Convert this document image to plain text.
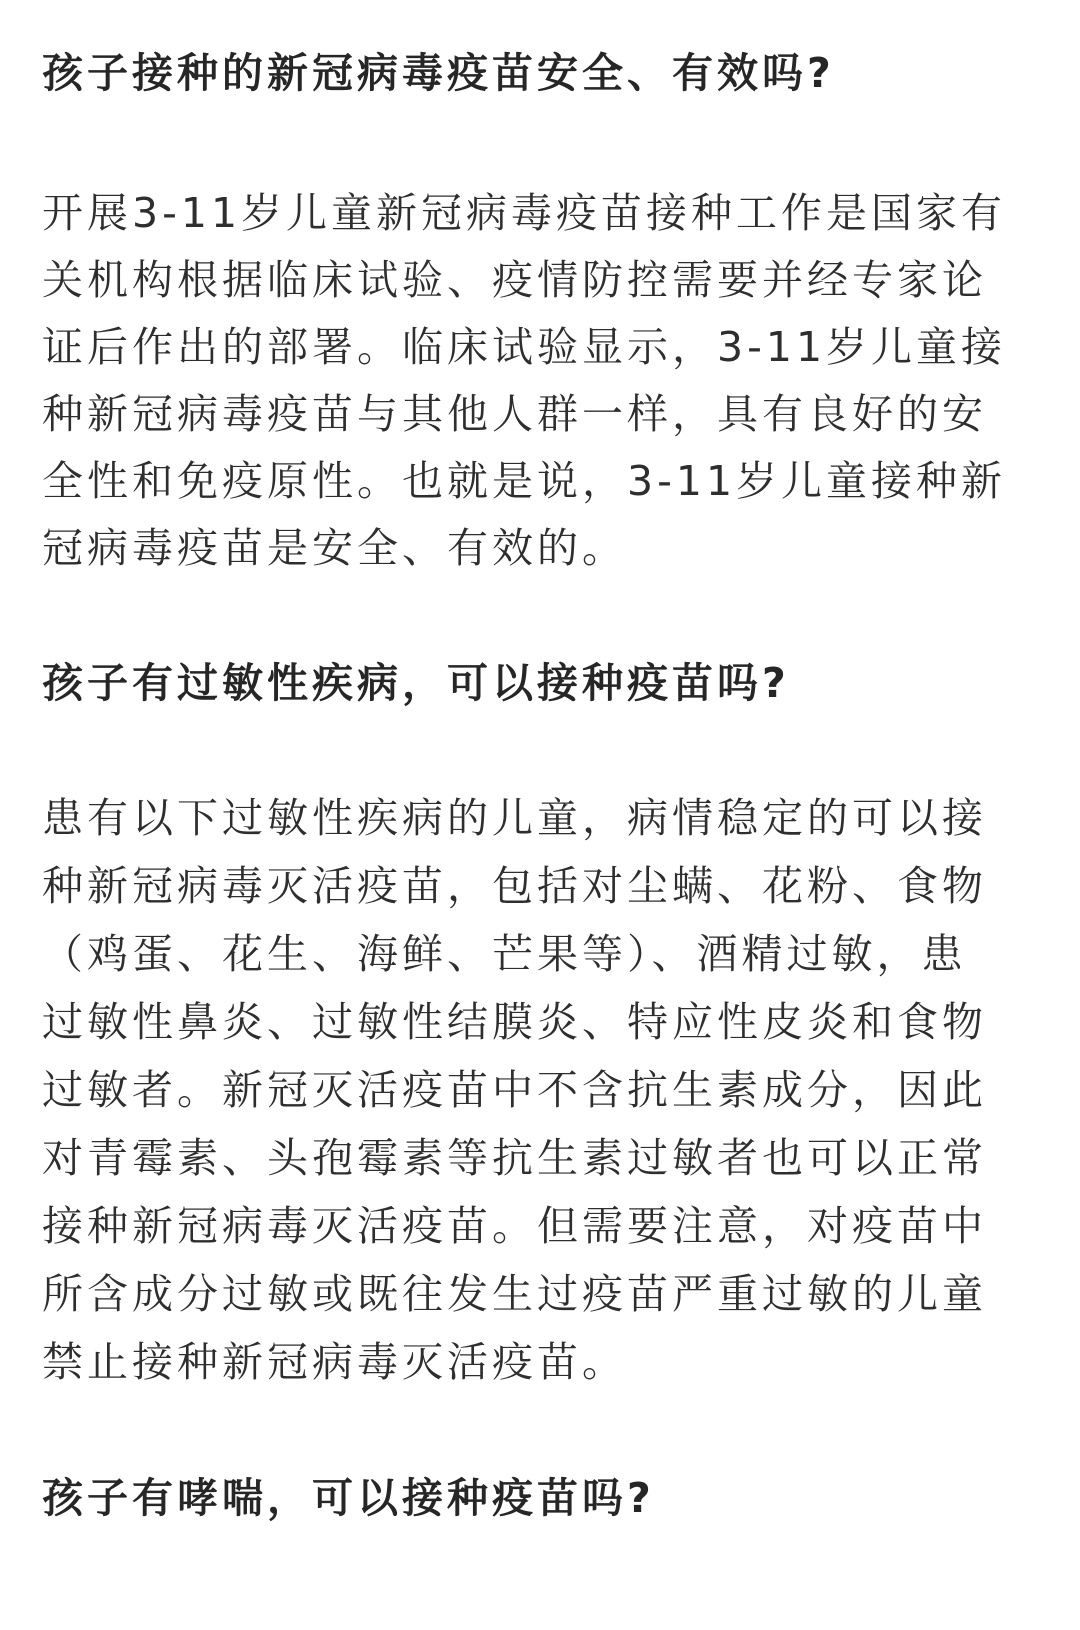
孩子接种的新冠病毒疫苗安全、有效吗?
开展3-11岁儿童新冠病毒疫苗接种工作是国家有
关机构根据临床试验、疫情防控需要并经专家论
证后作出的部署。临床试验显示，3-11岁儿童接
种新冠病毒疫苗与其他人群一样，具有良好的安
全性和免疫原性。也就是说，3-11岁儿童接种新
冠病毒疫苗是安全、有效的。
孩子有过敏性疾病，可以接种疫苗吗?
患有以下过敏性疾病的儿童，病情稳定的可以接
种新冠病毒灭活疫苗，包括对尘螨、花粉、食物
（鸡蛋、花生、海鲜、芒果等）、酒精过敏，患
过敏性鼻炎、过敏性结膜炎、特应性皮炎和食物
过敏者。新冠灭活疫苗中不含抗生素成分，因此
对青霉素、头孢霉素等抗生素过敏者也可以正常
接种新冠病毒灭活疫苗。但需要注意，对疫苗中
所含成分过敏或既往发生过疫苗严重过敏的儿童
禁止接种新冠病毒灭活疫苗。
孩子有哮喘，可以接种疫苗吗?
